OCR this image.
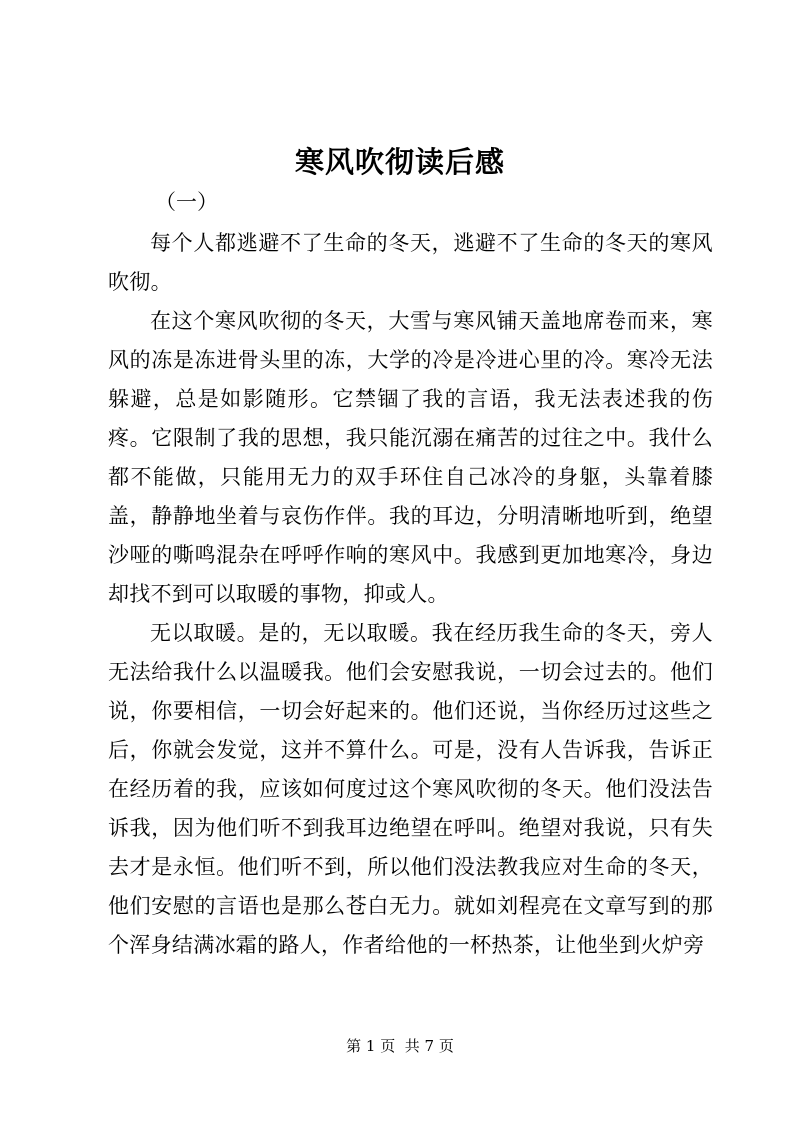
寒风吹彻读后感
（一）

每个人都逃避不了生命的冬天，逃避不了生命的冬天的寒风吹彻。

在这个寒风吹彻的冬天，大雪与寒风铺天盖地席卷而来，寒风的冻是冻进骨头里的冻，大学的冷是冷进心里的冷。寒冷无法躲避，总是如影随形。它禁锢了我的言语，我无法表述我的伤疼。它限制了我的思想，我只能沉溺在痛苦的过往之中。我什么都不能做，只能用无力的双手环住自己冰冷的身躯，头靠着膝盖，静静地坐着与哀伤作伴。我的耳边，分明清晰地听到，绝望沙哑的嘶鸣混杂在呼呼作响的寒风中。我感到更加地寒冷，身边却找不到可以取暖的事物，抑或人。

无以取暖。是的，无以取暖。我在经历我生命的冬天，旁人无法给我什么以温暖我。他们会安慰我说，一切会过去的。他们说，你要相信，一切会好起来的。他们还说，当你经历过这些之后，你就会发觉，这并不算什么。可是，没有人告诉我，告诉正在经历着的我，应该如何度过这个寒风吹彻的冬天。他们没法告诉我，因为他们听不到我耳边绝望在呼叫。绝望对我说，只有失去才是永恒。他们听不到，所以他们没法教我应对生命的冬天，他们安慰的言语也是那么苍白无力。就如刘程亮在文章写到的那个浑身结满冰霜的路人，作者给他的一杯热茶，让他坐到火炉旁

第 1 页 共 7 页
